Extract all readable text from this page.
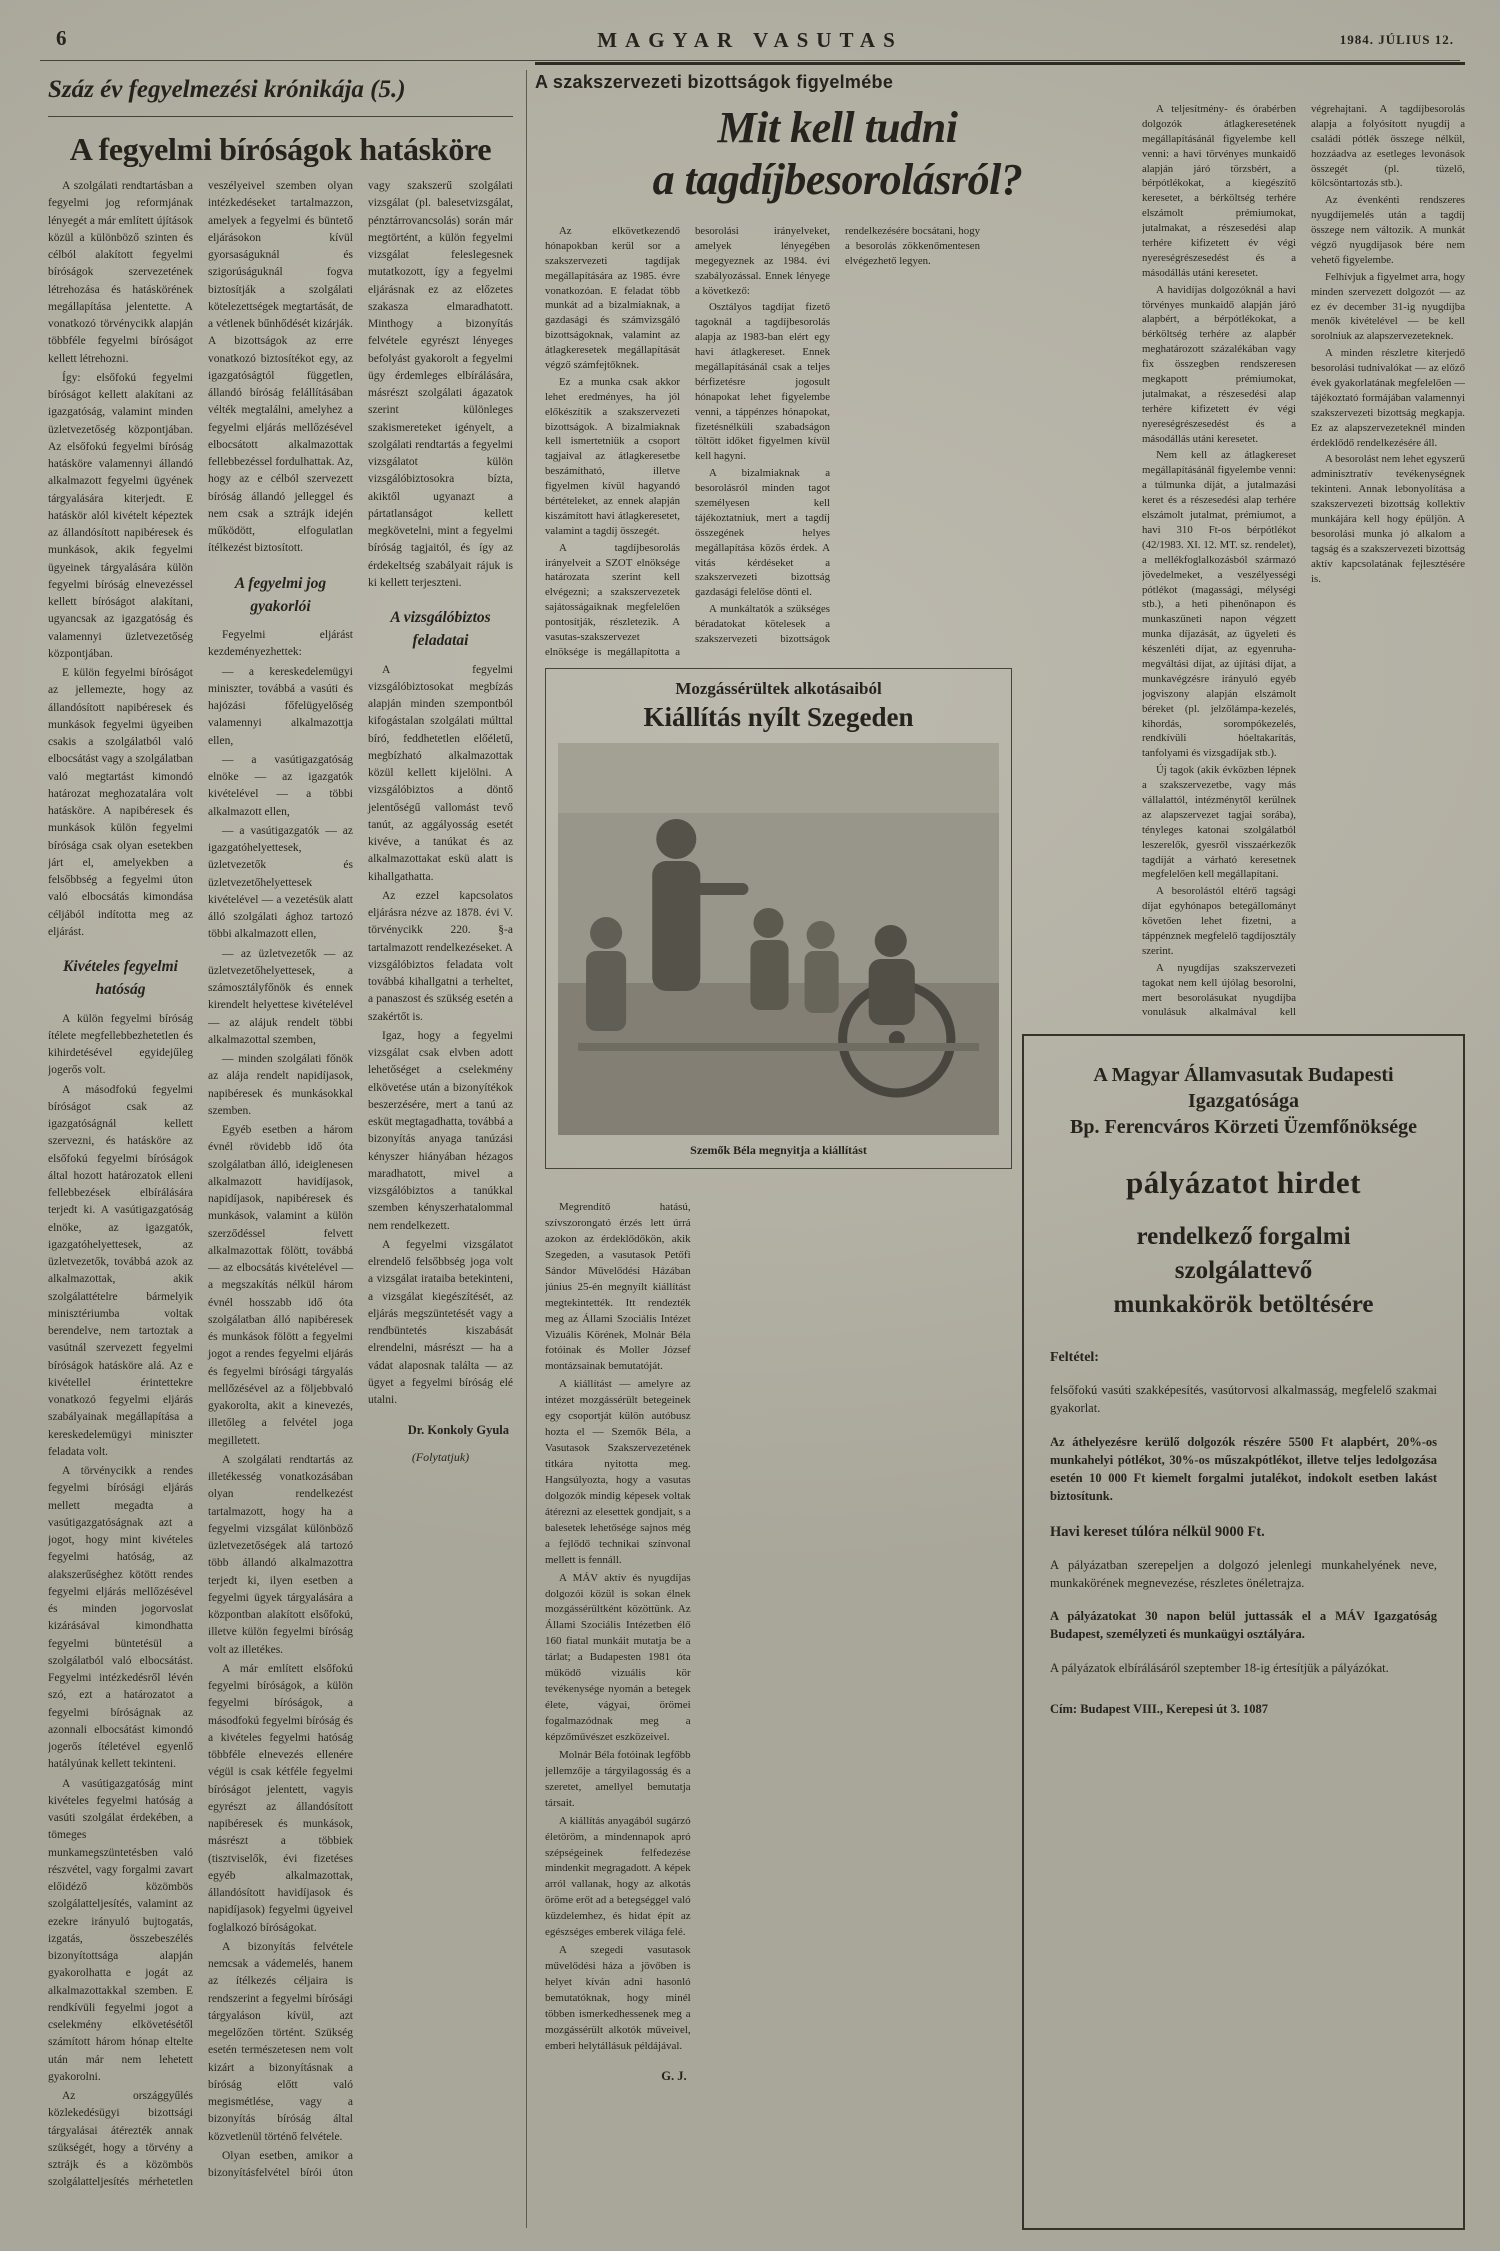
6	MAGYAR VASUTAS	1984. JÚLIUS 12.
Száz év fegyelmezési krónikája (5.)
A fegyelmi bíróságok hatásköre

A szolgálati rendtartásban a fegyelmi jog reformjának lényegét a már említett újítások közül a különböző szinten és célból alakított fegyelmi bíróságok szervezetének létrehozása és hatáskörének megállapítása jelentette. A vonatkozó törvénycikk alapján többféle fegyelmi bíróságot kellett létrehozni.

Így: elsőfokú fegyelmi bíróságot kellett alakítani az igazgatóság, valamint minden üzletvezetőség központjában. Az elsőfokú fegyelmi bíróság hatásköre valamennyi állandó alkalmazott fegyelmi ügyének tárgyalására kiterjedt. E hatáskör alól kivételt képeztek az állandósított napibéresek és munkások, akik fegyelmi ügyeinek tárgyalására külön fegyelmi bíróság elnevezéssel kellett bíróságot alakítani, ugyancsak az igazgatóság és valamennyi üzletvezetőség központjában.

E külön fegyelmi bíróságot az jellemezte, hogy az állandósított napibéresek és munkások fegyelmi ügyeiben csakis a szolgálatból való elbocsátást vagy a szolgálatban való megtartást kimondó határozat meghozatalára volt hatásköre. A napibéresek és munkások külön fegyelmi bírósága csak olyan esetekben járt el, amelyekben a felsőbbség a fegyelmi úton való elbocsátás kimondása céljából indította meg az eljárást.

Kivételes fegyelmi hatóság

A külön fegyelmi bíróság ítélete megfellebbezhetetlen és kihirdetésével egyidejűleg jogerős volt.

A másodfokú fegyelmi bíróságot csak az igazgatóságnál kellett szervezni, és hatásköre az elsőfokú fegyelmi bíróságok által hozott határozatok elleni fellebbezések elbírálására terjedt ki. A vasútigazgatóság elnöke, az igazgatók, igazgatóhelyettesek, az üzletvezetők, továbbá azok az alkalmazottak, akik szolgálattételre bármelyik minisztériumba voltak berendelve, nem tartoztak a vasútnál szervezett fegyelmi bíróságok hatásköre alá. Az e kivétellel érintettekre vonatkozó fegyelmi eljárás szabályainak megállapítása a kereskedelemügyi miniszter feladata volt.

A törvénycikk a rendes fegyelmi bírósági eljárás mellett megadta a vasútigazgatóságnak azt a jogot, hogy mint kivételes fegyelmi hatóság, az alakszerűséghez kötött rendes fegyelmi eljárás mellőzésével és minden jogorvoslat kizárásával kimondhatta fegyelmi büntetésül a szolgálatból való elbocsátást. Fegyelmi intézkedésről lévén szó, ezt a határozatot a fegyelmi bíróságnak az azonnali elbocsátást kimondó jogerős ítéletével egyenlő hatályúnak kellett tekinteni.

A vasútigazgatóság mint kivételes fegyelmi hatóság a vasúti szolgálat érdekében, a tömeges munkamegszüntetésben való részvétel, vagy forgalmi zavart előidéző közömbös szolgálatteljesítés, valamint az ezekre irányuló bujtogatás, izgatás, összebeszélés bizonyítottsága alapján gyakorolhatta e jogát az alkalmazottakkal szemben. E rendkívüli fegyelmi jogot a cselekmény elkövetésétől számított három hónap eltelte után már nem lehetett gyakorolni.

Az országgyűlés közlekedésügyi bizottsági tárgyalásai átérezték annak szükségét, hogy a törvény a sztrájk és a közömbös szolgálatteljesítés mérhetetlen veszélyeivel szemben olyan intézkedéseket tartalmazzon, amelyek a fegyelmi és büntető eljárásokon kívül gyorsaságuknál és szigorúságuknál fogva biztosítják a szolgálati kötelezettségek megtartását, de a vétlenek bűnhődését kizárják. A bizottságok az erre vonatkozó biztosítékot egy, az igazgatóságtól független, állandó bíróság felállításában vélték megtalálni, amelyhez a fegyelmi eljárás mellőzésével elbocsátott alkalmazottak fellebbezéssel fordulhattak. Az, hogy az e célból szervezett bíróság állandó jelleggel és nem csak a sztrájk idején működött, elfogulatlan ítélkezést biztosított.

A fegyelmi jog gyakorlói

Fegyelmi eljárást kezdeményezhettek:

— a kereskedelemügyi miniszter, továbbá a vasúti és hajózási főfelügyelőség valamennyi alkalmazottja ellen,

— a vasútigazgatóság elnöke — az igazgatók kivételével — a többi alkalmazott ellen,

— a vasútigazgatók — az igazgatóhelyettesek, üzletvezetők és üzletvezetőhelyettesek kivételével — a vezetésük alatt álló szolgálati ághoz tartozó többi alkalmazott ellen,

— az üzletvezetők — az üzletvezetőhelyettesek, a számosztályfőnök és ennek kirendelt helyettese kivételével — az alájuk rendelt többi alkalmazottal szemben,

— minden szolgálati főnök az alája rendelt napidíjasok, napibéresek és munkásokkal szemben.

Egyéb esetben a három évnél rövidebb idő óta szolgálatban álló, ideiglenesen alkalmazott havidíjasok, napidíjasok, napibéresek és munkások, valamint a külön szerződéssel felvett alkalmazottak fölött, továbbá — az elbocsátás kivételével — a megszakítás nélkül három évnél hosszabb idő óta szolgálatban álló napibéresek és munkások fölött a fegyelmi jogot a rendes fegyelmi eljárás és fegyelmi bírósági tárgyalás mellőzésével az a följebbvaló gyakorolta, akit a kinevezés, illetőleg a felvétel joga megilletett.

A szolgálati rendtartás az illetékesség vonatkozásában olyan rendelkezést tartalmazott, hogy ha a fegyelmi vizsgálat különböző üzletvezetőségek alá tartozó több állandó alkalmazottra terjedt ki, ilyen esetben a fegyelmi ügyek tárgyalására a központban alakított elsőfokú, illetve külön fegyelmi bíróság volt az illetékes.

A már említett elsőfokú fegyelmi bíróságok, a külön fegyelmi bíróságok, a másodfokú fegyelmi bíróság és a kivételes fegyelmi hatóság többféle elnevezés ellenére végül is csak kétféle fegyelmi bíróságot jelentett, vagyis egyrészt az állandósított napibéresek és munkások, másrészt a többiek (tisztviselők, évi fizetéses egyéb alkalmazottak, állandósított havidíjasok és napidíjasok) fegyelmi ügyeivel foglalkozó bíróságokat.

A bizonyítás felvétele nemcsak a vádemelés, hanem az ítélkezés céljaira is rendszerint a fegyelmi bírósági tárgyaláson kívül, azt megelőzően történt. Szükség esetén természetesen nem volt kizárt a bizonyításnak a bíróság előtt való megismétlése, vagy a bizonyítás bíróság által közvetlenül történő felvétele.

Olyan esetben, amikor a bizonyításfelvétel bírói úton vagy szakszerű szolgálati vizsgálat (pl. balesetvizsgálat, pénztárrovancsolás) során már megtörtént, a külön fegyelmi vizsgálat feleslegesnek mutatkozott, így a fegyelmi eljárásnak ez az előzetes szakasza elmaradhatott. Minthogy a bizonyítás felvétele egyrészt lényeges befolyást gyakorolt a fegyelmi ügy érdemleges elbírálására, másrészt szolgálati ágazatok szerint különleges szakismereteket igényelt, a szolgálati rendtartás a fegyelmi vizsgálatot külön vizsgálóbiztosokra bízta, akiktől ugyanazt a pártatlanságot kellett megkövetelni, mint a fegyelmi bíróság tagjaitól, és így az érdekeltség szabályait rájuk is ki kellett terjeszteni.

A vizsgálóbiztos feladatai

A fegyelmi vizsgálóbiztosokat megbízás alapján minden szempontból kifogástalan szolgálati múlttal bíró, feddhetetlen előéletű, megbízható alkalmazottak közül kellett kijelölni. A vizsgálóbiztos a döntő jelentőségű vallomást tevő tanút, az aggályosság esetét kivéve, a tanúkat és az alkalmazottakat eskü alatt is kihallgathatta.

Az ezzel kapcsolatos eljárásra nézve az 1878. évi V. törvénycikk 220. §-a tartalmazott rendelkezéseket. A vizsgálóbiztos feladata volt továbbá kihallgatni a terheltet, a panaszost és szükség esetén a szakértőt is.

Igaz, hogy a fegyelmi vizsgálat csak elvben adott lehetőséget a cselekmény elkövetése után a bizonyítékok beszerzésére, mert a tanú az esküt megtagadhatta, továbbá a bizonyítás anyaga tanúzási kényszer hiányában hézagos maradhatott, mivel a vizsgálóbiztos a tanúkkal szemben kényszerhatalommal nem rendelkezett.

A fegyelmi vizsgálatot elrendelő felsőbbség joga volt a vizsgálat irataiba betekinteni, a vizsgálat kiegészítését, az eljárás megszüntetését vagy a rendbüntetés kiszabását elrendelni, másrészt — ha a vádat alaposnak találta — az ügyet a fegyelmi bíróság elé utalni.

Dr. Konkoly Gyula

(Folytatjuk)

A szakszervezeti bizottságok figyelmébe
Mit kell tudni
a tagdíjbesorolásról?

Az elkövetkezendő hónapokban kerül sor a szakszervezeti tagdíjak megállapítására az 1985. évre vonatkozóan. E feladat több munkát ad a bizalmiaknak, a gazdasági és számvizsgáló bizottságoknak, valamint az átlagkeresetek megállapítását végző számfejtőknek.

Ez a munka csak akkor lehet eredményes, ha jól előkészítik a szakszervezeti bizottságok. A bizalmiaknak kell ismertetniük a csoport tagjaival az átlagkeresetbe beszámítható, illetve figyelmen kívül hagyandó bértételeket, az ennek alapján kiszámított havi átlagkeresetet, valamint a tagdíj összegét.

A tagdíjbesorolás irányelveit a SZOT elnöksége határozata szerint kell elvégezni; a szakszervezetek sajátosságaiknak megfelelően pontosítják, részletezik. A vasutas-szakszervezet elnöksége is megállapította a besorolási irányelveket, amelyek lényegében megegyeznek az 1984. évi szabályozással. Ennek lényege a következő:

Osztályos tagdíjat fizető tagoknál a tagdíjbesorolás alapja az 1983-ban elért egy havi átlagkereset. Ennek megállapításánál csak a teljes bérfizetésre jogosult hónapokat lehet figyelembe venni, a táppénzes hónapokat, fizetésnélküli szabadságon töltött időket figyelmen kívül kell hagyni.

A bizalmiaknak a besorolásról minden tagot személyesen kell tájékoztatniuk, mert a tagdíj összegének helyes megállapítása közös érdek. A vitás kérdéseket a szakszervezeti bizottság gazdasági felelőse dönti el.

A munkáltatók a szükséges béradatokat kötelesek a szakszervezeti bizottságok rendelkezésére bocsátani, hogy a besorolás zökkenőmentesen elvégezhető legyen.

A teljesítmény- és órabérben dolgozók átlagkeresetének megállapításánál figyelembe kell venni: a havi törvényes munkaidő alapján járó törzsbért, a bérpótlékokat, a kiegészítő keresetet, a bérköltség terhére elszámolt prémiumokat, jutalmakat, a részesedési alap terhére kifizetett év végi nyereségrészesedést és a másodállás utáni keresetet.

A havidíjas dolgozóknál a havi törvényes munkaidő alapján járó alapbért, a bérpótlékokat, a bérköltség terhére az alapbér meghatározott százalékában vagy fix összegben rendszeresen megkapott prémiumokat, jutalmakat, a részesedési alap terhére kifizetett év végi nyereségrészesedést és a másodállás utáni keresetet.

Nem kell az átlagkereset megállapításánál figyelembe venni: a túlmunka díját, a jutalmazási keret és a részesedési alap terhére elszámolt jutalmat, prémiumot, a havi 310 Ft-os bérpótlékot (42/1983. XI. 12. MT. sz. rendelet), a mellékfoglalkozásból származó jövedelmeket, a veszélyességi pótlékot (magassági, mélységi stb.), a heti pihenőnapon és munkaszüneti napon végzett munka díjazását, az ügyeleti és készenléti díjat, az egyenruha-megváltási díjat, az újítási díjat, a munkavégzésre irányuló egyéb jogviszony alapján elszámolt béreket (pl. jelzőlámpa-kezelés, kihordás, sorompókezelés, rendkívüli hóeltakarítás, tanfolyami és vizsgadíjak stb.).

Új tagok (akik évközben lépnek a szakszervezetbe, vagy más vállalattól, intézménytől kerülnek az alapszervezet tagjai sorába), tényleges katonai szolgálatból leszerelők, gyesről visszaérkezők tagdíját a várható keresetnek megfelelően kell megállapítani.

A besorolástól eltérő tagsági díjat egyhónapos betegállományt követően lehet fizetni, a táppénznek megfelelő tagdíjosztály szerint.

A nyugdíjas szakszervezeti tagokat nem kell újólag besorolni, mert besorolásukat nyugdíjba vonulásuk alkalmával kell végrehajtani. A tagdíjbesorolás alapja a folyósított nyugdíj a családi pótlék összege nélkül, hozzáadva az esetleges levonások összegét (pl. tüzelő, kölcsöntartozás stb.).

Az évenkénti rendszeres nyugdíjemelés után a tagdíj összege nem változik. A munkát végző nyugdíjasok bére nem vehető figyelembe.

Felhívjuk a figyelmet arra, hogy minden szervezett dolgozót — az ez év december 31-ig nyugdíjba menők kivételével — be kell sorolniuk az alapszervezeteknek.

A minden részletre kiterjedő besorolási tudnivalókat — az előző évek gyakorlatának megfelelően — tájékoztató formájában valamennyi szakszervezeti bizottság megkapja. Ez az alapszervezeteknél minden érdeklődő rendelkezésére áll.

A besorolást nem lehet egyszerű adminisztratív tevékenységnek tekinteni. Annak lebonyolítása a szakszervezeti bizottság kollektív munkájára kell hogy épüljön. A besorolási munka jó alkalom a tagság és a szakszervezeti bizottság aktív kapcsolatának fejlesztésére is.

Mozgássérültek alkotásaiból
Kiállítás nyílt Szegeden
Szemők Béla megnyitja a kiállítást

Megrendítő hatású, szívszorongató érzés lett úrrá azokon az érdeklődőkön, akik Szegeden, a vasutasok Petőfi Sándor Művelődési Házában június 25-én megnyílt kiállítást megtekintették. Itt rendezték meg az Állami Szociális Intézet Vizuális Körének, Molnár Béla fotóinak és Moller József montázsainak bemutatóját.

A kiállítást — amelyre az intézet mozgássérült betegeinek egy csoportját külön autóbusz hozta el — Szemők Béla, a Vasutasok Szakszervezetének titkára nyitotta meg. Hangsúlyozta, hogy a vasutas dolgozók mindig képesek voltak átérezni az elesettek gondjait, s a balesetek lehetősége sajnos még a fejlődő technikai színvonal mellett is fennáll.

A MÁV aktív és nyugdíjas dolgozói közül is sokan élnek mozgássérültként közöttünk. Az Állami Szociális Intézetben élő 160 fiatal munkáit mutatja be a tárlat; a Budapesten 1981 óta működő vizuális kör tevékenysége nyomán a betegek élete, vágyai, örömei fogalmazódnak meg a képzőművészet eszközeivel.

Molnár Béla fotóinak legfőbb jellemzője a tárgyilagosság és a szeretet, amellyel bemutatja társait.

A kiállítás anyagából sugárzó életöröm, a mindennapok apró szépségeinek felfedezése mindenkit megragadott. A képek arról vallanak, hogy az alkotás öröme erőt ad a betegséggel való küzdelemhez, és hidat épít az egészséges emberek világa felé.

A szegedi vasutasok művelődési háza a jövőben is helyet kíván adni hasonló bemutatóknak, hogy minél többen ismerkedhessenek meg a mozgássérült alkotók műveivel, emberi helytállásuk példájával.

G. J.

A Magyar Államvasutak Budapesti
Igazgatósága
Bp. Ferencváros Körzeti Üzemfőnöksége
pályázatot hirdet
rendelkező forgalmi
szolgálattevő
munkakörök betöltésére
Feltétel:
felsőfokú vasúti szakképesítés, vasútorvosi alkalmasság, megfelelő szakmai gyakorlat.
Az áthelyezésre kerülő dolgozók részére 5500 Ft alapbért, 20%-os munkahelyi pótlékot, 30%-os műszakpótlékot, illetve teljes ledolgozása esetén 10 000 Ft kiemelt forgalmi jutalékot, indokolt esetben lakást biztosítunk.
Havi kereset túlóra nélkül 9000 Ft.
A pályázatban szerepeljen a dolgozó jelenlegi munkahelyének neve, munkakörének megnevezése, részletes önéletrajza.
A pályázatokat 30 napon belül juttassák el a MÁV Igazgatóság Budapest, személyzeti és munkaügyi osztályára.
A pályázatok elbírálásáról szeptember 18-ig értesítjük a pályázókat.
Cím: Budapest VIII., Kerepesi út 3. 1087
